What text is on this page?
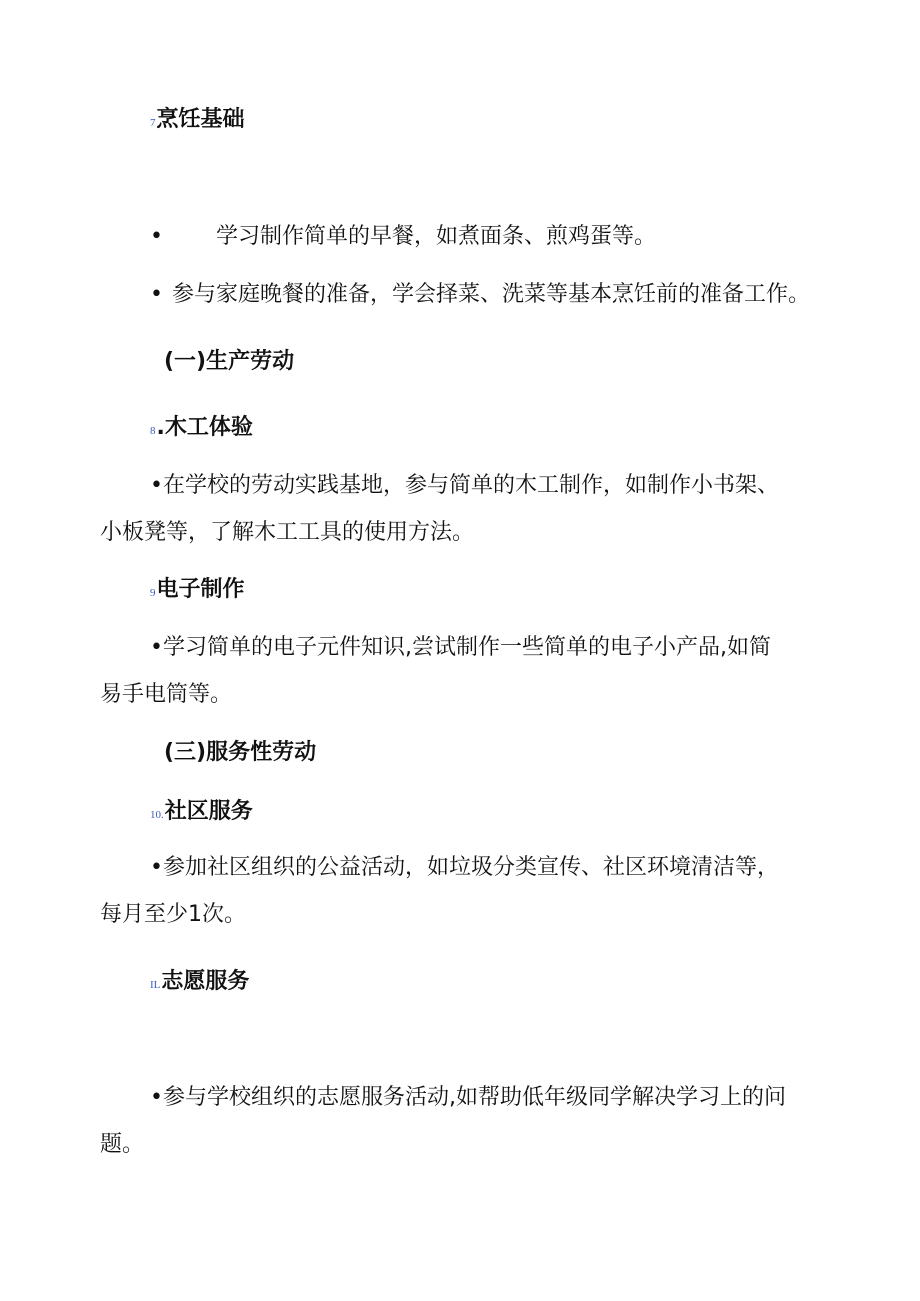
7烹饪基础
• 学习制作简单的早餐，如煮面条、煎鸡蛋等。
• 参与家庭晚餐的准备，学会择菜、洗菜等基本烹饪前的准备工作。
(一)生产劳动
8.木工体验
•在学校的劳动实践基地，参与简单的木工制作，如制作小书架、
小板凳等，了解木工工具的使用方法。
9电子制作
•学习简单的电子元件知识,尝试制作一些简单的电子小产品,如简
易手电筒等。
(三)服务性劳动
10.社区服务
•参加社区组织的公益活动，如垃圾分类宣传、社区环境清洁等，
每月至少1次。
IL志愿服务
•参与学校组织的志愿服务活动,如帮助低年级同学解决学习上的问
题。
